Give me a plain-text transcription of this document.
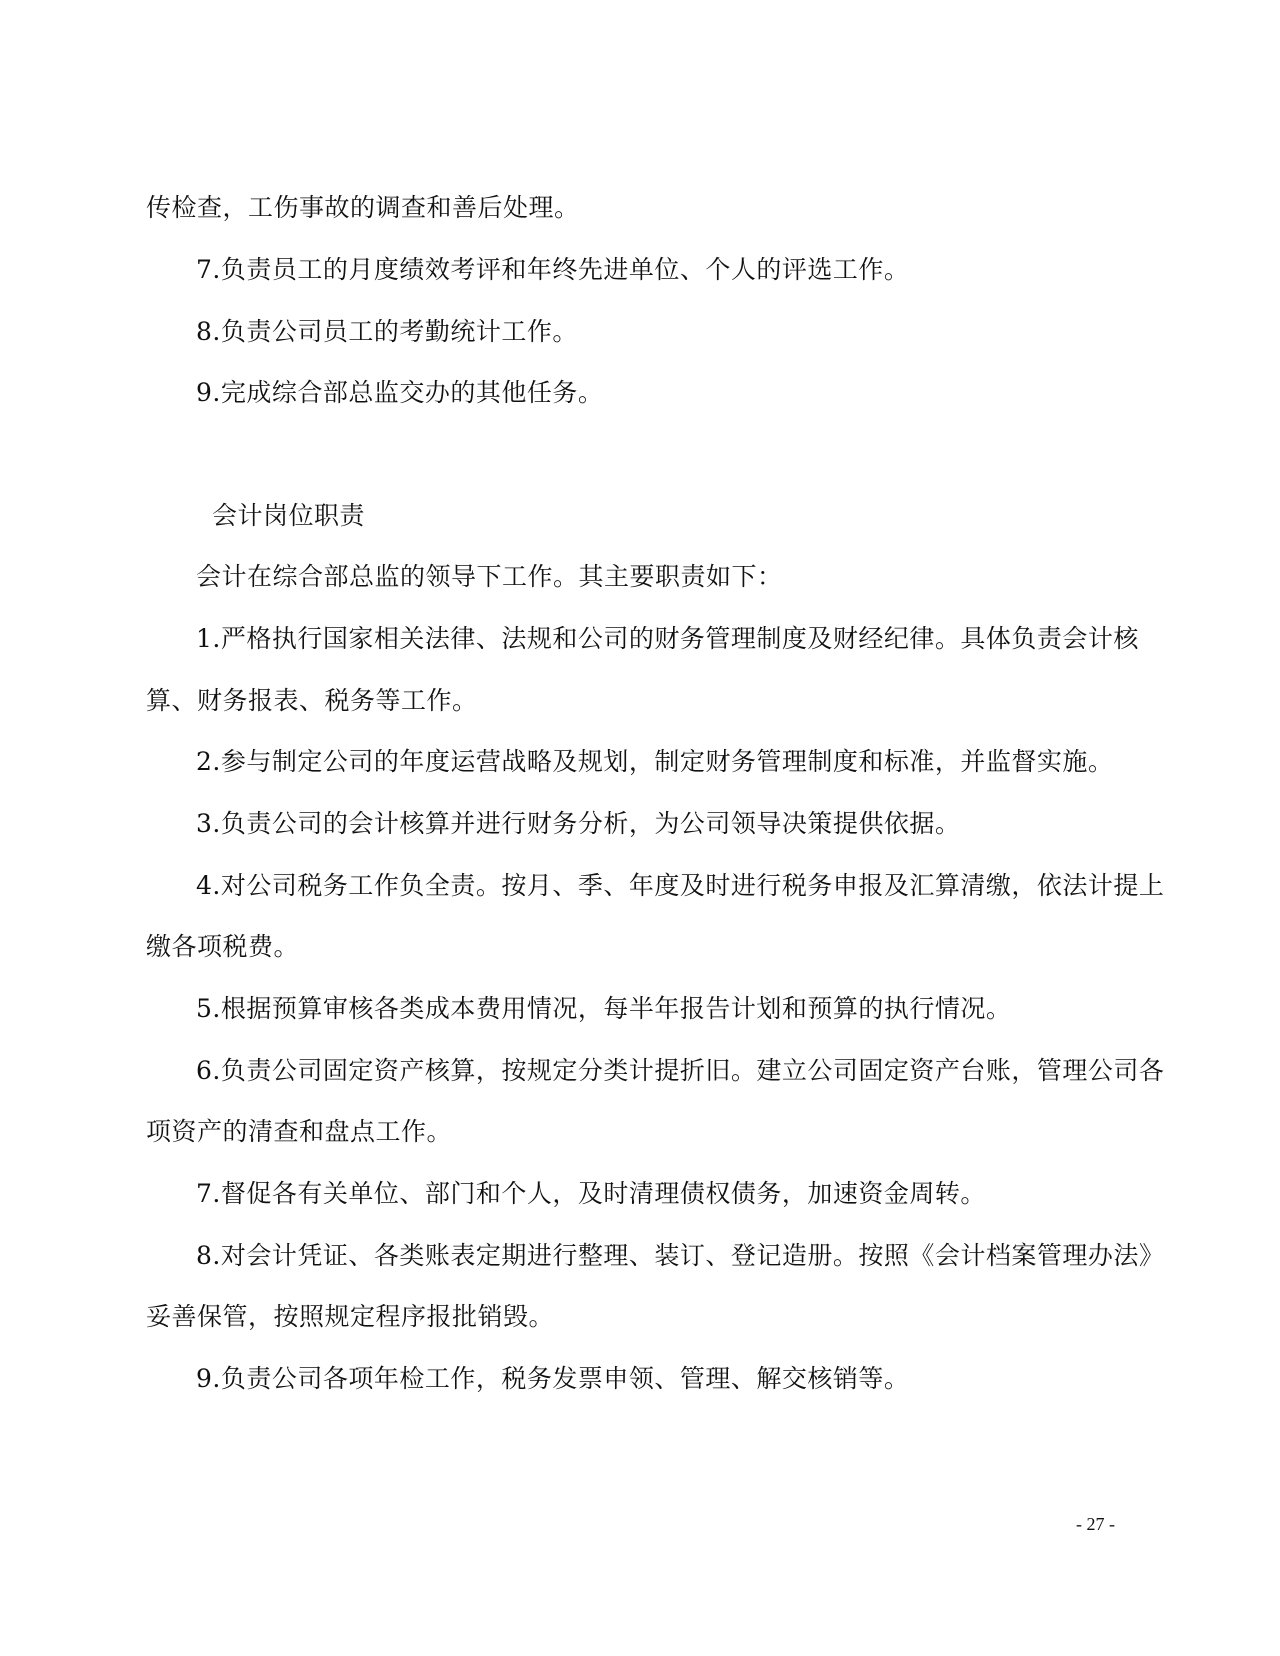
传检查，工伤事故的调查和善后处理。
7.负责员工的月度绩效考评和年终先进单位、个人的评选工作。
8.负责公司员工的考勤统计工作。
9.完成综合部总监交办的其他任务。
会计岗位职责
会计在综合部总监的领导下工作。其主要职责如下：
1.严格执行国家相关法律、法规和公司的财务管理制度及财经纪律。具体负责会计核
算、财务报表、税务等工作。
2.参与制定公司的年度运营战略及规划，制定财务管理制度和标准，并监督实施。
3.负责公司的会计核算并进行财务分析，为公司领导决策提供依据。
4.对公司税务工作负全责。按月、季、年度及时进行税务申报及汇算清缴，依法计提上
缴各项税费。
5.根据预算审核各类成本费用情况，每半年报告计划和预算的执行情况。
6.负责公司固定资产核算，按规定分类计提折旧。建立公司固定资产台账，管理公司各
项资产的清查和盘点工作。
7.督促各有关单位、部门和个人，及时清理债权债务，加速资金周转。
8.对会计凭证、各类账表定期进行整理、装订、登记造册。按照《会计档案管理办法》
妥善保管，按照规定程序报批销毁。
9.负责公司各项年检工作，税务发票申领、管理、解交核销等。
- 27 -
